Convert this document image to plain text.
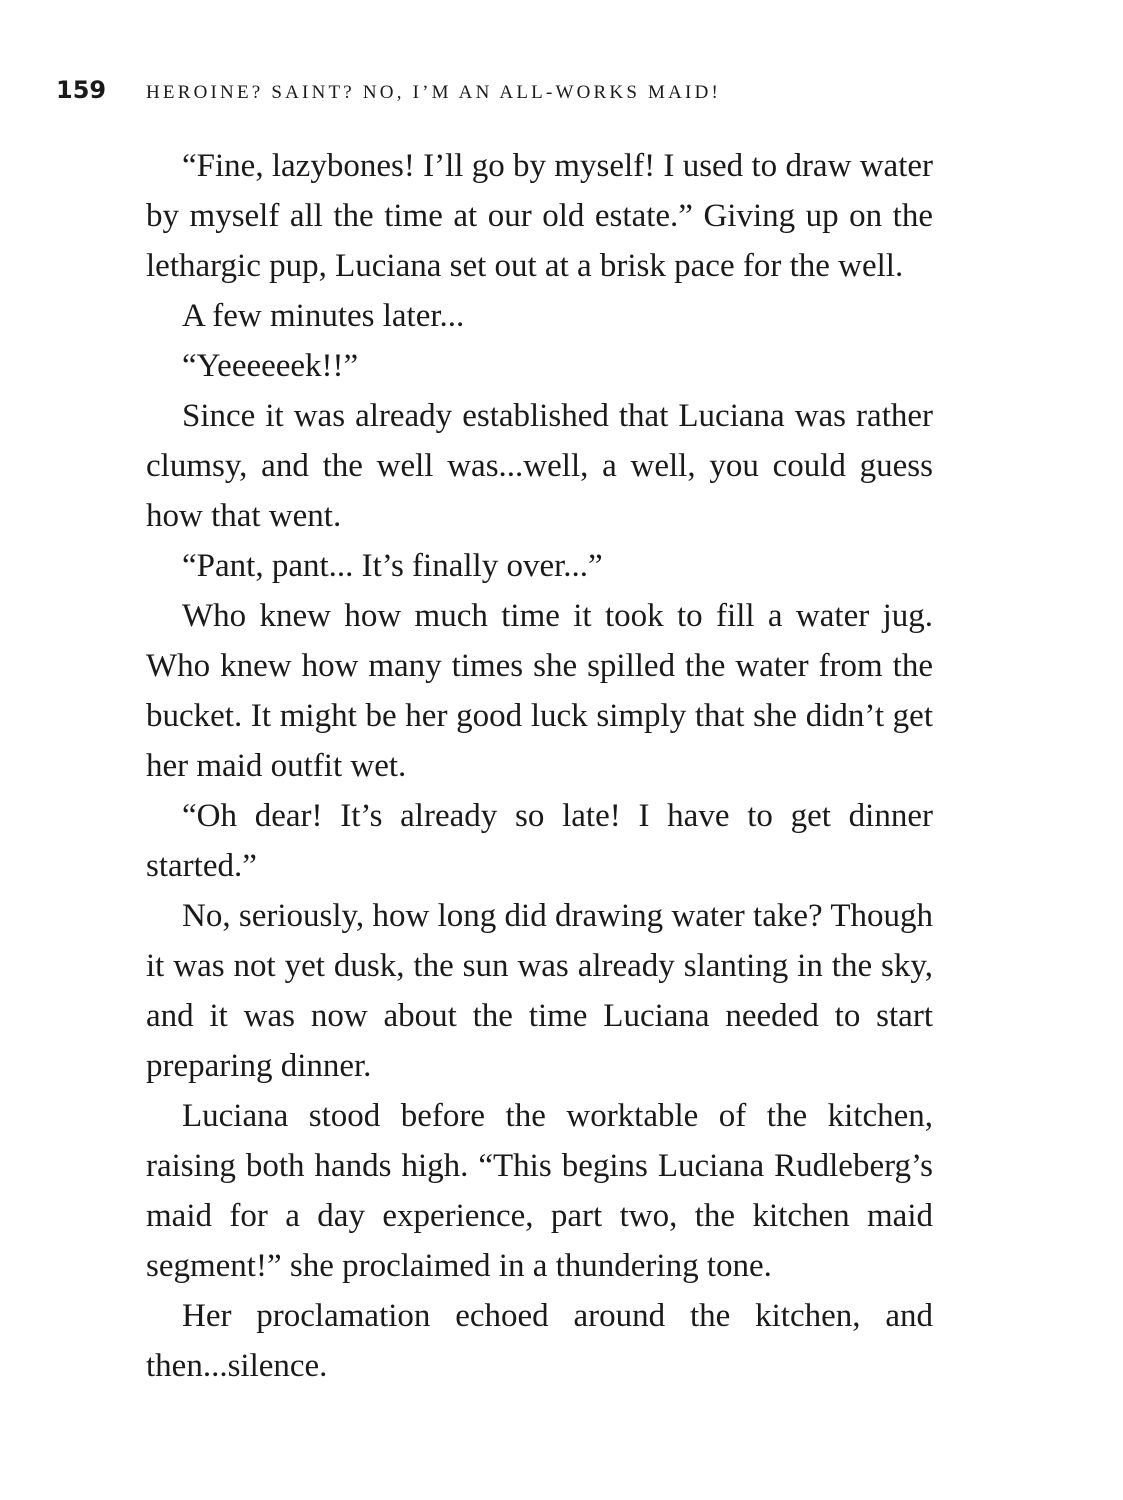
159	HEROINE? SAINT? NO, I’M AN ALL-WORKS MAID!

“Fine, lazybones! I’ll go by myself! I used to draw water by myself all the time at our old estate.” Giving up on the lethargic pup, Luciana set out at a brisk pace for the well.

A few minutes later...

“Yeeeeeek!!”

Since it was already established that Luciana was rather clumsy, and the well was...well, a well, you could guess how that went.

“Pant, pant... It’s finally over...”

Who knew how much time it took to fill a water jug. Who knew how many times she spilled the water from the bucket. It might be her good luck simply that she didn’t get her maid outfit wet.

“Oh dear! It’s already so late! I have to get dinner started.”

No, seriously, how long did drawing water take? Though it was not yet dusk, the sun was already slanting in the sky, and it was now about the time Luciana needed to start preparing dinner.

Luciana stood before the worktable of the kitchen, raising both hands high. “This begins Luciana Rudleberg’s maid for a day experience, part two, the kitchen maid segment!” she proclaimed in a thundering tone.

Her proclamation echoed around the kitchen, and then...silence.
